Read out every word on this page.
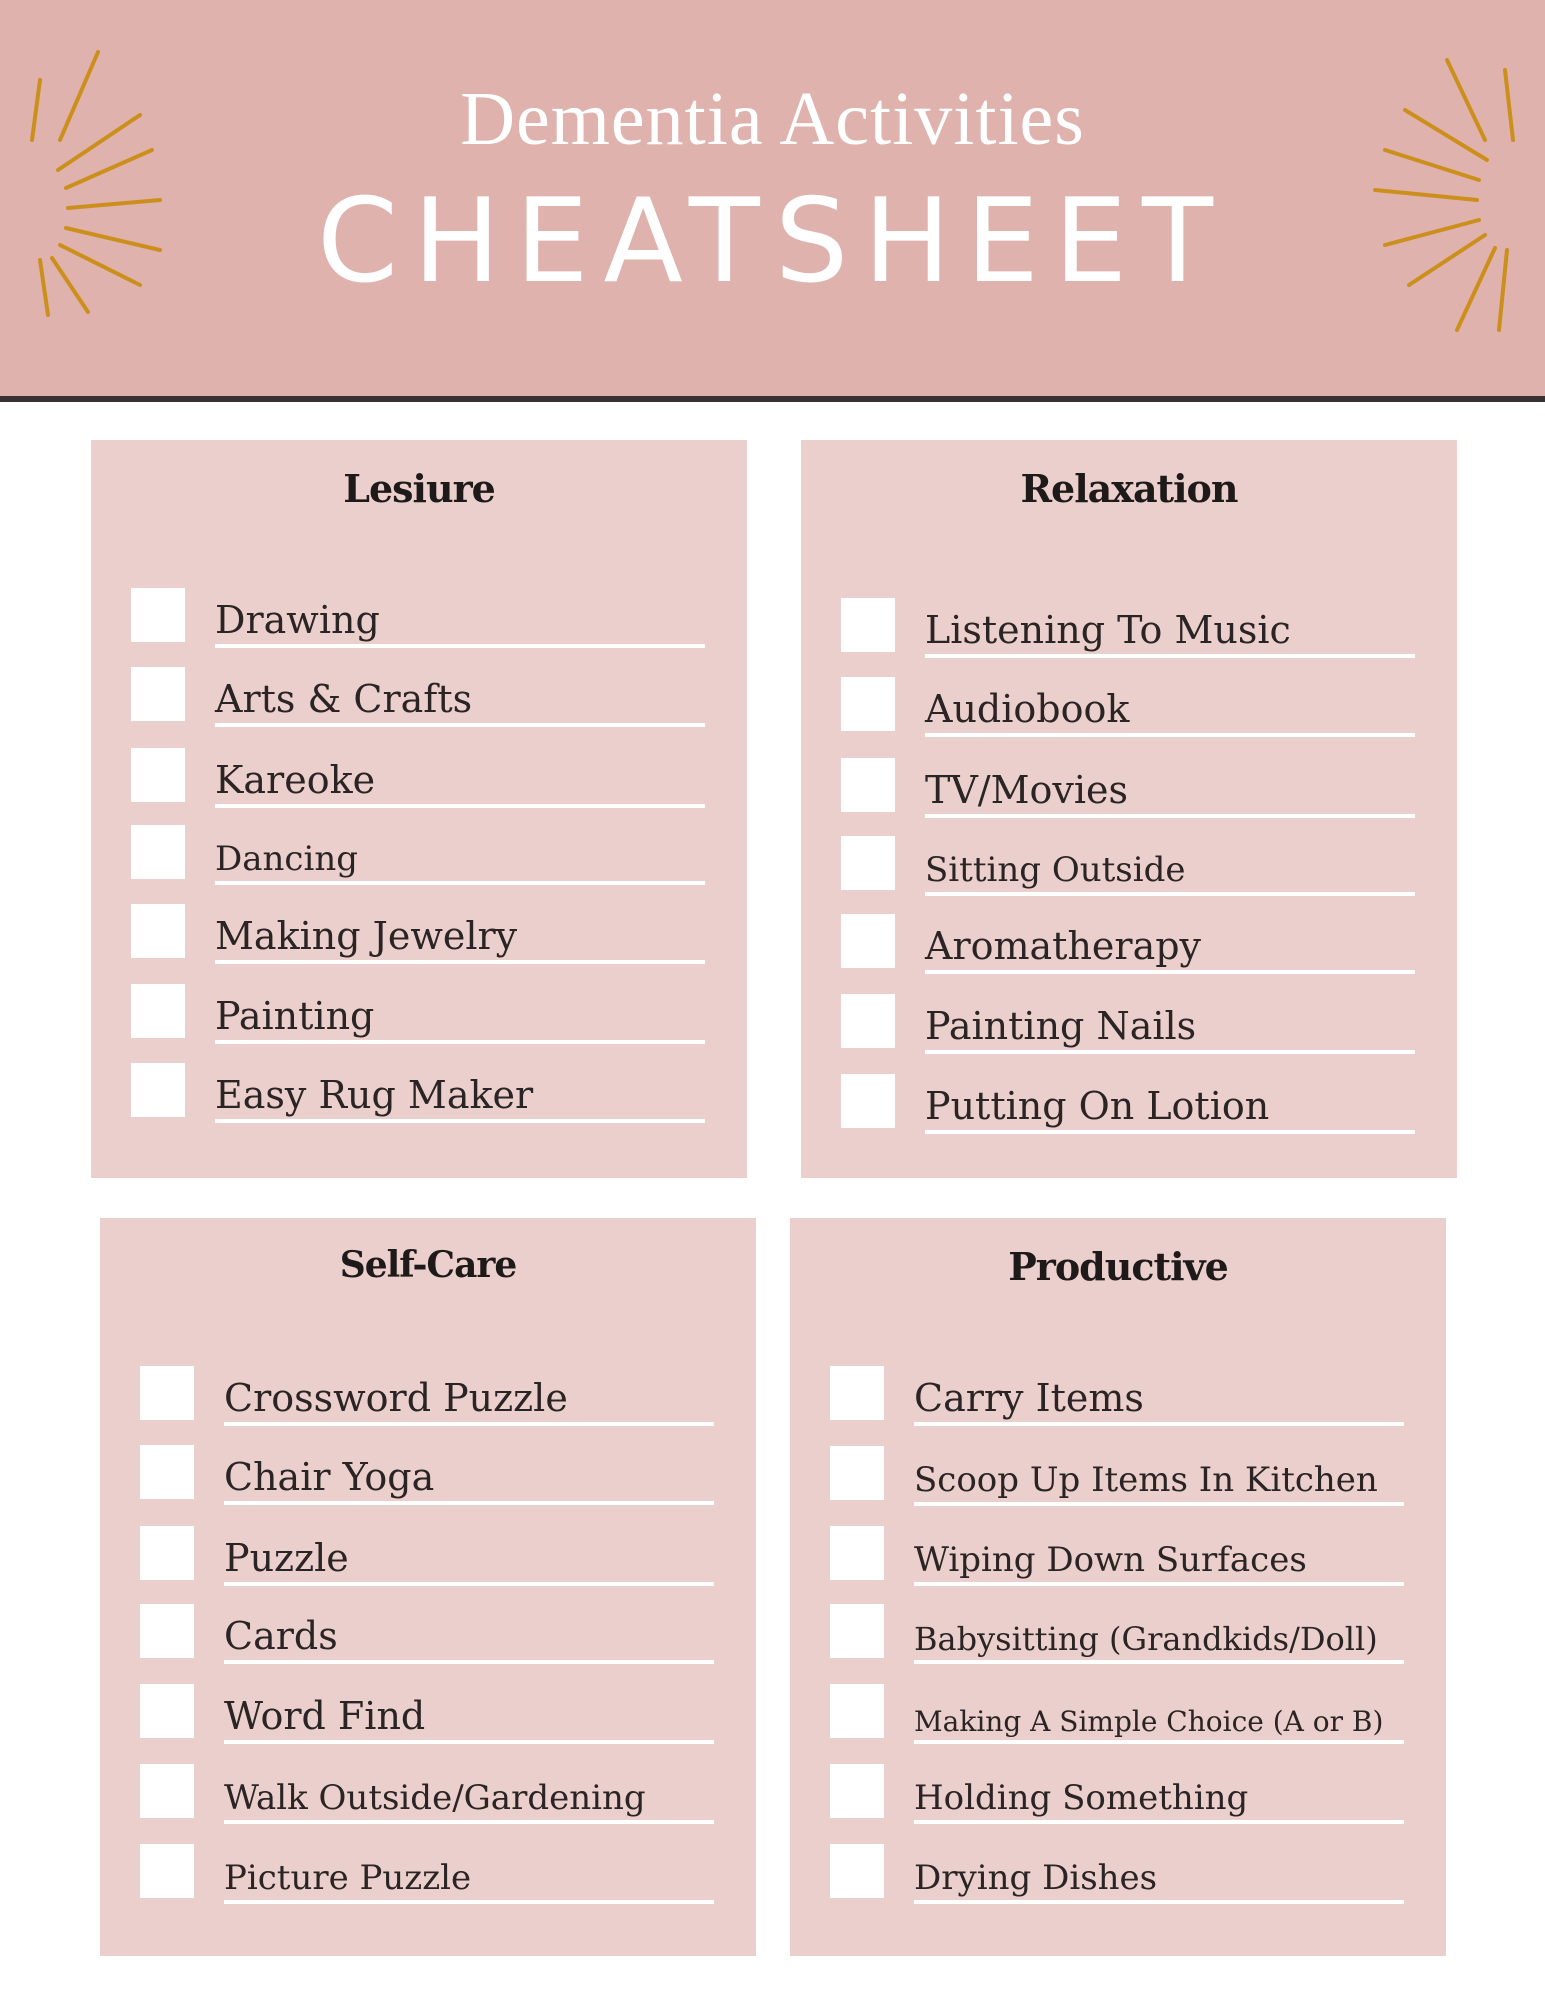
Dementia Activities
CHEATSHEET
Lesiure
Drawing
Arts & Crafts
Kareoke
Dancing
Making Jewelry
Painting
Easy Rug Maker
Relaxation
Listening To Music
Audiobook
TV/Movies
Sitting Outside
Aromatherapy
Painting Nails
Putting On Lotion
Self-Care
Crossword Puzzle
Chair Yoga
Puzzle
Cards
Word Find
Walk Outside/Gardening
Picture Puzzle
Productive
Carry Items
Scoop Up Items In Kitchen
Wiping Down Surfaces
Babysitting (Grandkids/Doll)
Making A Simple Choice (A or B)
Holding Something
Drying Dishes
